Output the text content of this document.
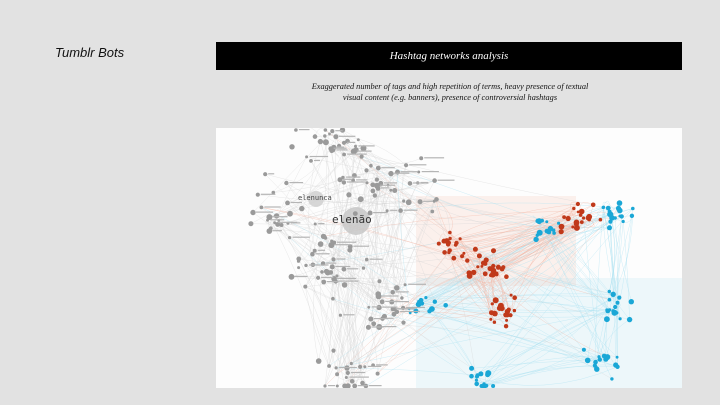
Tumblr Bots	Hashtag networks analysis
Exaggerated number of tags and high repetition of terms, heavy presence of textual
visual content (e.g. banners), presence of controversial hashtags
elenunca
elenão
